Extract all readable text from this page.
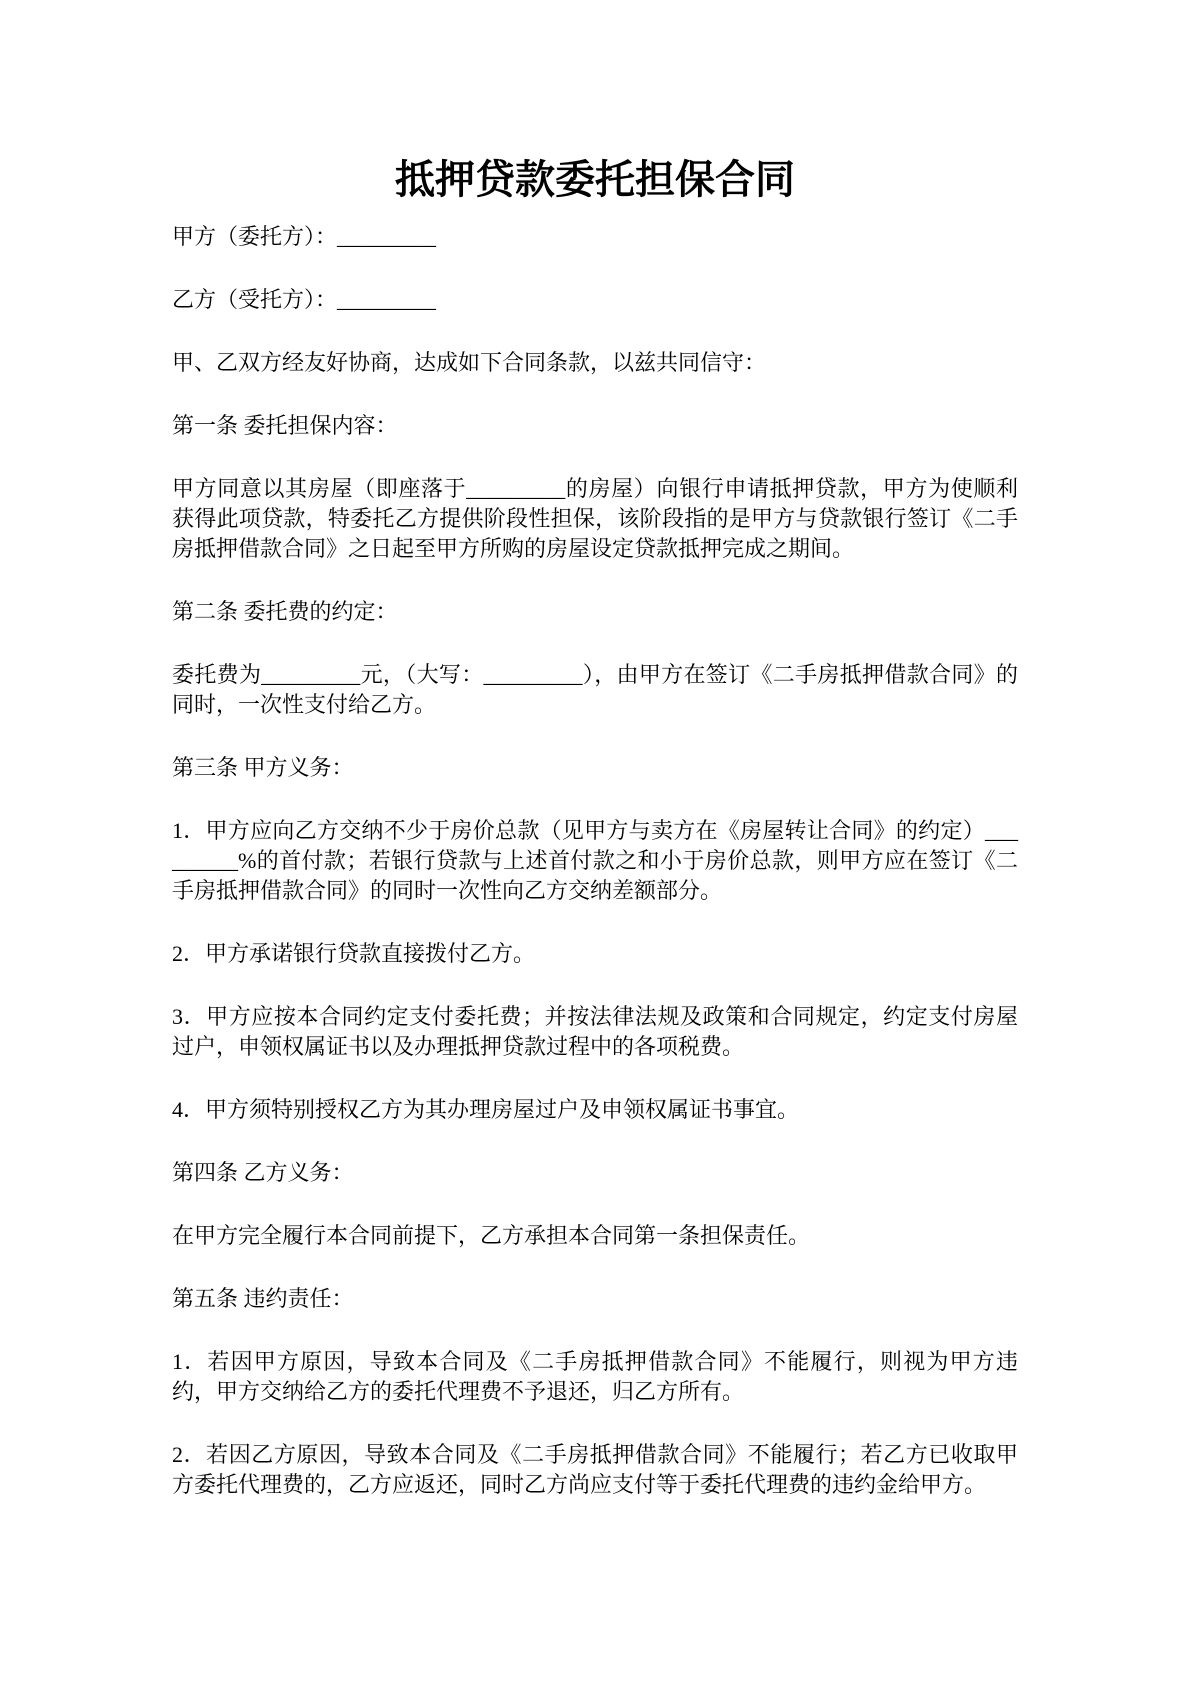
抵押贷款委托担保合同

甲方（委托方）：_________

乙方（受托方）：_________

甲、乙双方经友好协商，达成如下合同条款，以兹共同信守：

第一条 委托担保内容：

甲方同意以其房屋（即座落于_________的房屋）向银行申请抵押贷款，甲方为使顺利获得此项贷款，特委托乙方提供阶段性担保，该阶段指的是甲方与贷款银行签订《二手房抵押借款合同》之日起至甲方所购的房屋设定贷款抵押完成之期间。

第二条 委托费的约定：

委托费为_________元，（大写：_________），由甲方在签订《二手房抵押借款合同》的同时，一次性支付给乙方。

第三条 甲方义务：

1．甲方应向乙方交纳不少于房价总款（见甲方与卖方在《房屋转让合同》的约定）_________%的首付款；若银行贷款与上述首付款之和小于房价总款，则甲方应在签订《二手房抵押借款合同》的同时一次性向乙方交纳差额部分。

2．甲方承诺银行贷款直接拨付乙方。

3．甲方应按本合同约定支付委托费；并按法律法规及政策和合同规定，约定支付房屋过户，申领权属证书以及办理抵押贷款过程中的各项税费。

4．甲方须特别授权乙方为其办理房屋过户及申领权属证书事宜。

第四条 乙方义务：

在甲方完全履行本合同前提下，乙方承担本合同第一条担保责任。

第五条 违约责任：

1．若因甲方原因，导致本合同及《二手房抵押借款合同》不能履行，则视为甲方违约，甲方交纳给乙方的委托代理费不予退还，归乙方所有。

2．若因乙方原因，导致本合同及《二手房抵押借款合同》不能履行；若乙方已收取甲方委托代理费的，乙方应返还，同时乙方尚应支付等于委托代理费的违约金给甲方。
